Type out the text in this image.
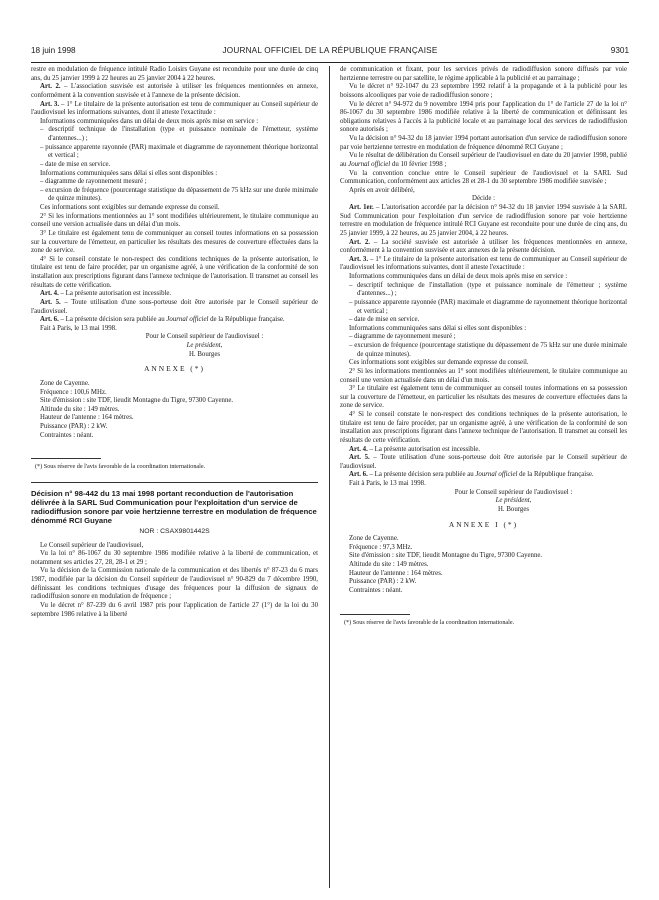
18 juin 1998	JOURNAL OFFICIEL DE LA RÉPUBLIQUE FRANÇAISE	9301

restre en modulation de fréquence intitulé Radio Loisirs Guyane est reconduite pour une durée de cinq ans, du 25 janvier 1999 à 22 heures au 25 janvier 2004 à 22 heures.

Art. 2. – L'association susvisée est autorisée à utiliser les fréquences mentionnées en annexe, conformément à la convention susvisée et à l'annexe de la présente décision.

Art. 3. – 1° Le titulaire de la présente autorisation est tenu de communiquer au Conseil supérieur de l'audiovisuel les informations suivantes, dont il atteste l'exactitude :

Informations communiquées dans un délai de deux mois après mise en service :

– descriptif technique de l'installation (type et puissance nominale de l'émetteur, système d'antennes...) ;

– puissance apparente rayonnée (PAR) maximale et diagramme de rayonnement théorique horizontal et vertical ;

– date de mise en service.

Informations communiquées sans délai si elles sont disponibles :

– diagramme de rayonnement mesuré ;

– excursion de fréquence (pourcentage statistique du dépassement de 75 kHz sur une durée minimale de quinze minutes).

Ces informations sont exigibles sur demande expresse du conseil.

2° Si les informations mentionnées au 1° sont modifiées ultérieurement, le titulaire communique au conseil une version actualisée dans un délai d'un mois.

3° Le titulaire est également tenu de communiquer au conseil toutes informations en sa possession sur la couverture de l'émetteur, en particulier les résultats des mesures de couverture effectuées dans la zone de service.

4° Si le conseil constate le non-respect des conditions techniques de la présente autorisation, le titulaire est tenu de faire procéder, par un organisme agréé, à une vérification de la conformité de son installation aux prescriptions figurant dans l'annexe technique de l'autorisation. Il transmet au conseil les résultats de cette vérification.

Art. 4. – La présente autorisation est incessible.

Art. 5. – Toute utilisation d'une sous-porteuse doit être autorisée par le Conseil supérieur de l'audiovisuel.

Art. 6. – La présente décision sera publiée au Journal officiel de la République française.

Fait à Paris, le 13 mai 1998.

Pour le Conseil supérieur de l'audiovisuel :

Le président,

H. Bourges

ANNEXE (*)

Zone de Cayenne.

Fréquence : 100,6 MHz.

Site d'émission : site TDF, lieudit Montagne du Tigre, 97300 Cayenne.

Altitude du site : 149 mètres.

Hauteur de l'antenne : 164 mètres.

Puissance (PAR) : 2 kW.

Contraintes : néant.

(*) Sous réserve de l'avis favorable de la coordination internationale.

Décision n° 98-442 du 13 mai 1998 portant reconduction de l'autorisation délivrée à la SARL Sud Communication pour l'exploitation d'un service de radiodiffusion sonore par voie hertzienne terrestre en modulation de fréquence dénommé RCI Guyane

NOR : CSAX9801442S

Le Conseil supérieur de l'audiovisuel,

Vu la loi n° 86-1067 du 30 septembre 1986 modifiée relative à la liberté de communication, et notamment ses articles 27, 28, 28-1 et 29 ;

Vu la décision de la Commission nationale de la communication et des libertés n° 87-23 du 6 mars 1987, modifiée par la décision du Conseil supérieur de l'audiovisuel n° 90-829 du 7 décembre 1990, définissant les conditions techniques d'usage des fréquences pour la diffusion de signaux de radiodiffusion sonore en modulation de fréquence ;

Vu le décret n° 87-239 du 6 avril 1987 pris pour l'application de l'article 27 (1°) de la loi du 30 septembre 1986 relative à la liberté

de communication et fixant, pour les services privés de radiodiffusion sonore diffusés par voie hertzienne terrestre ou par satellite, le régime applicable à la publicité et au parrainage ;

Vu le décret n° 92-1047 du 23 septembre 1992 relatif à la propagande et à la publicité pour les boissons alcooliques par voie de radiodiffusion sonore ;

Vu le décret n° 94-972 du 9 novembre 1994 pris pour l'application du 1° de l'article 27 de la loi n° 86-1067 du 30 septembre 1986 modifiée relative à la liberté de communication et définissant les obligations relatives à l'accès à la publicité locale et au parrainage local des services de radiodiffusion sonore autorisés ;

Vu la décision n° 94-32 du 18 janvier 1994 portant autorisation d'un service de radiodiffusion sonore par voie hertzienne terrestre en modulation de fréquence dénommé RCI Guyane ;

Vu le résultat de délibération du Conseil supérieur de l'audiovisuel en date du 20 janvier 1998, publié au Journal officiel du 10 février 1998 ;

Vu la convention conclue entre le Conseil supérieur de l'audiovisuel et la SARL Sud Communication, conformément aux articles 28 et 28-1 du 30 septembre 1986 modifiée susvisée ;

Après en avoir délibéré,

Décide :

Art. 1er. – L'autorisation accordée par la décision n° 94-32 du 18 janvier 1994 susvisée à la SARL Sud Communication pour l'exploitation d'un service de radiodiffusion sonore par voie hertzienne terrestre en modulation de fréquence intitulé RCI Guyane est reconduite pour une durée de cinq ans, du 25 janvier 1999, à 22 heures, au 25 janvier 2004, à 22 heures.

Art. 2. – La société susvisée est autorisée à utiliser les fréquences mentionnées en annexe, conformément à la convention susvisée et aux annexes de la présente décision.

Art. 3. – 1° Le titulaire de la présente autorisation est tenu de communiquer au Conseil supérieur de l'audiovisuel les informations suivantes, dont il atteste l'exactitude :

Informations communiquées dans un délai de deux mois après mise en service :

– descriptif technique de l'installation (type et puissance nominale de l'émetteur ; système d'antennes...) ;

– puissance apparente rayonnée (PAR) maximale et diagramme de rayonnement théorique horizontal et vertical ;

– date de mise en service.

Informations communiquées sans délai si elles sont disponibles :

– diagramme de rayonnement mesuré ;

– excursion de fréquence (pourcentage statistique du dépassement de 75 kHz sur une durée minimale de quinze minutes).

Ces informations sont exigibles sur demande expresse du conseil.

2° Si les informations mentionnées au 1° sont modifiées ultérieurement, le titulaire communique au conseil une version actualisée dans un délai d'un mois.

3° Le titulaire est également tenu de communiquer au conseil toutes informations en sa possession sur la couverture de l'émetteur, en particulier les résultats des mesures de couverture effectuées dans la zone de service.

4° Si le conseil constate le non-respect des conditions techniques de la présente autorisation, le titulaire est tenu de faire procéder, par un organisme agréé, à une vérification de la conformité de son installation aux prescriptions figurant dans l'annexe technique de l'autorisation. Il transmet au conseil les résultats de cette vérification.

Art. 4. – La présente autorisation est incessible.

Art. 5. – Toute utilisation d'une sous-porteuse doit être autorisée par le Conseil supérieur de l'audiovisuel.

Art. 6. – La présente décision sera publiée au Journal officiel de la République française.

Fait à Paris, le 13 mai 1998.

Pour le Conseil supérieur de l'audiovisuel :

Le président,

H. Bourges

ANNEXE I (*)

Zone de Cayenne.

Fréquence : 97,3 MHz.

Site d'émission : site TDF, lieudit Montagne du Tigre, 97300 Cayenne.

Altitude du site : 149 mètres.

Hauteur de l'antenne : 164 mètres.

Puissance (PAR) : 2 kW.

Contraintes : néant.

(*) Sous réserve de l'avis favorable de la coordination internationale.
